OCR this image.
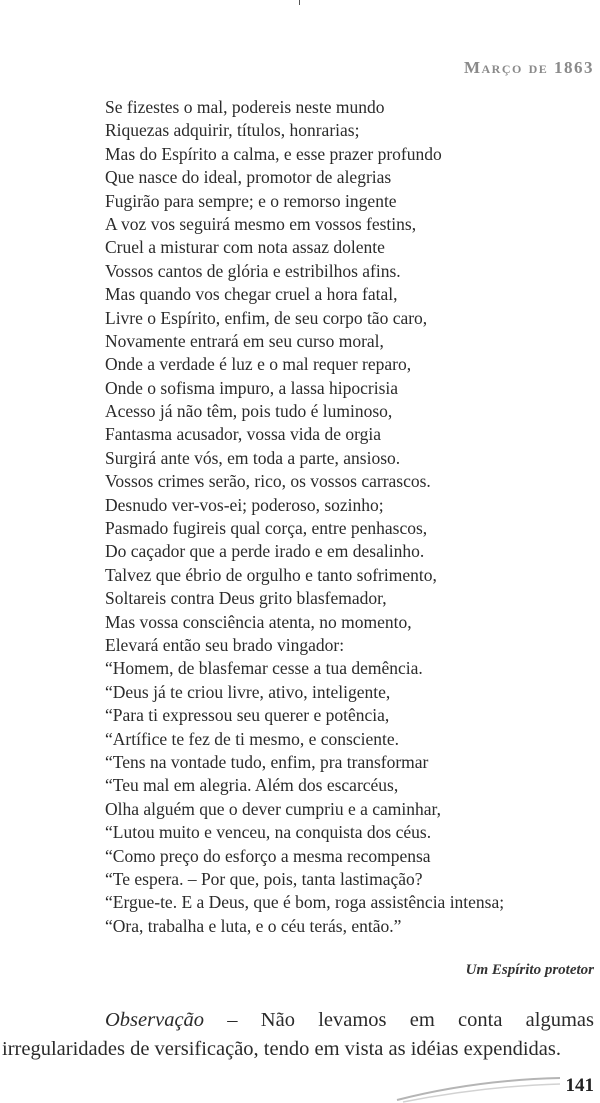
Março de 1863
Se fizestes o mal, podereis neste mundo
Riquezas adquirir, títulos, honrarias;
Mas do Espírito a calma, e esse prazer profundo
Que nasce do ideal, promotor de alegrias
Fugirão para sempre; e o remorso ingente
A voz vos seguirá mesmo em vossos festins,
Cruel a misturar com nota assaz dolente
Vossos cantos de glória e estribilhos afins.
Mas quando vos chegar cruel a hora fatal,
Livre o Espírito, enfim, de seu corpo tão caro,
Novamente entrará em seu curso moral,
Onde a verdade é luz e o mal requer reparo,
Onde o sofisma impuro, a lassa hipocrisia
Acesso já não têm, pois tudo é luminoso,
Fantasma acusador, vossa vida de orgia
Surgirá ante vós, em toda a parte, ansioso.
Vossos crimes serão, rico, os vossos carrascos.
Desnudo ver-vos-ei; poderoso, sozinho;
Pasmado fugireis qual corça, entre penhascos,
Do caçador que a perde irado e em desalinho.
Talvez que ébrio de orgulho e tanto sofrimento,
Soltareis contra Deus grito blasfemador,
Mas vossa consciência atenta, no momento,
Elevará então seu brado vingador:
“Homem, de blasfemar cesse a tua demência.
“Deus já te criou livre, ativo, inteligente,
“Para ti expressou seu querer e potência,
“Artífice te fez de ti mesmo, e consciente.
“Tens na vontade tudo, enfim, pra transformar
“Teu mal em alegria. Além dos escarcéus,
Olha alguém que o dever cumpriu e a caminhar,
“Lutou muito e venceu, na conquista dos céus.
“Como preço do esforço a mesma recompensa
“Te espera. – Por que, pois, tanta lastimação?
“Ergue-te. E a Deus, que é bom, roga assistência intensa;
“Ora, trabalha e luta, e o céu terás, então.”
Um Espírito protetor
Observação – Não levamos em conta algumas
irregularidades de versificação, tendo em vista as idéias expendidas.
141
